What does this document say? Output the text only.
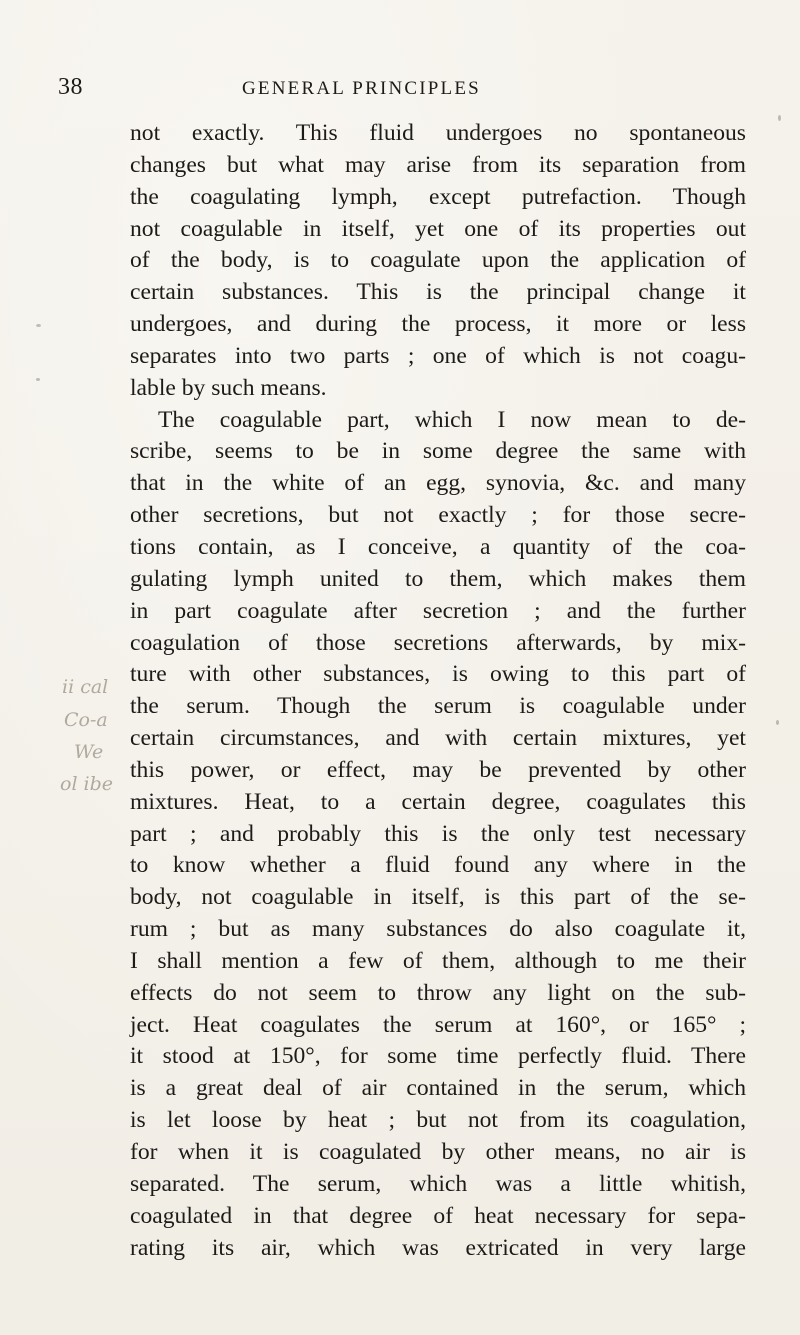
38	GENERAL PRINCIPLES
ii cal
Co-a
We
ol ibe
not exactly. This fluid undergoes no spontaneous
changes but what may arise from its separation from
the coagulating lymph, except putrefaction. Though
not coagulable in itself, yet one of its properties out
of the body, is to coagulate upon the application of
certain substances. This is the principal change it
undergoes, and during the process, it more or less
separates into two parts ; one of which is not coagu-
lable by such means.
The coagulable part, which I now mean to de-
scribe, seems to be in some degree the same with
that in the white of an egg, synovia, &c. and many
other secretions, but not exactly ; for those secre-
tions contain, as I conceive, a quantity of the coa-
gulating lymph united to them, which makes them
in part coagulate after secretion ; and the further
coagulation of those secretions afterwards, by mix-
ture with other substances, is owing to this part of
the serum. Though the serum is coagulable under
certain circumstances, and with certain mixtures, yet
this power, or effect, may be prevented by other
mixtures. Heat, to a certain degree, coagulates this
part ; and probably this is the only test necessary
to know whether a fluid found any where in the
body, not coagulable in itself, is this part of the se-
rum ; but as many substances do also coagulate it,
I shall mention a few of them, although to me their
effects do not seem to throw any light on the sub-
ject. Heat coagulates the serum at 160°, or 165° ;
it stood at 150°, for some time perfectly fluid. There
is a great deal of air contained in the serum, which
is let loose by heat ; but not from its coagulation,
for when it is coagulated by other means, no air is
separated. The serum, which was a little whitish,
coagulated in that degree of heat necessary for sepa-
rating its air, which was extricated in very large
